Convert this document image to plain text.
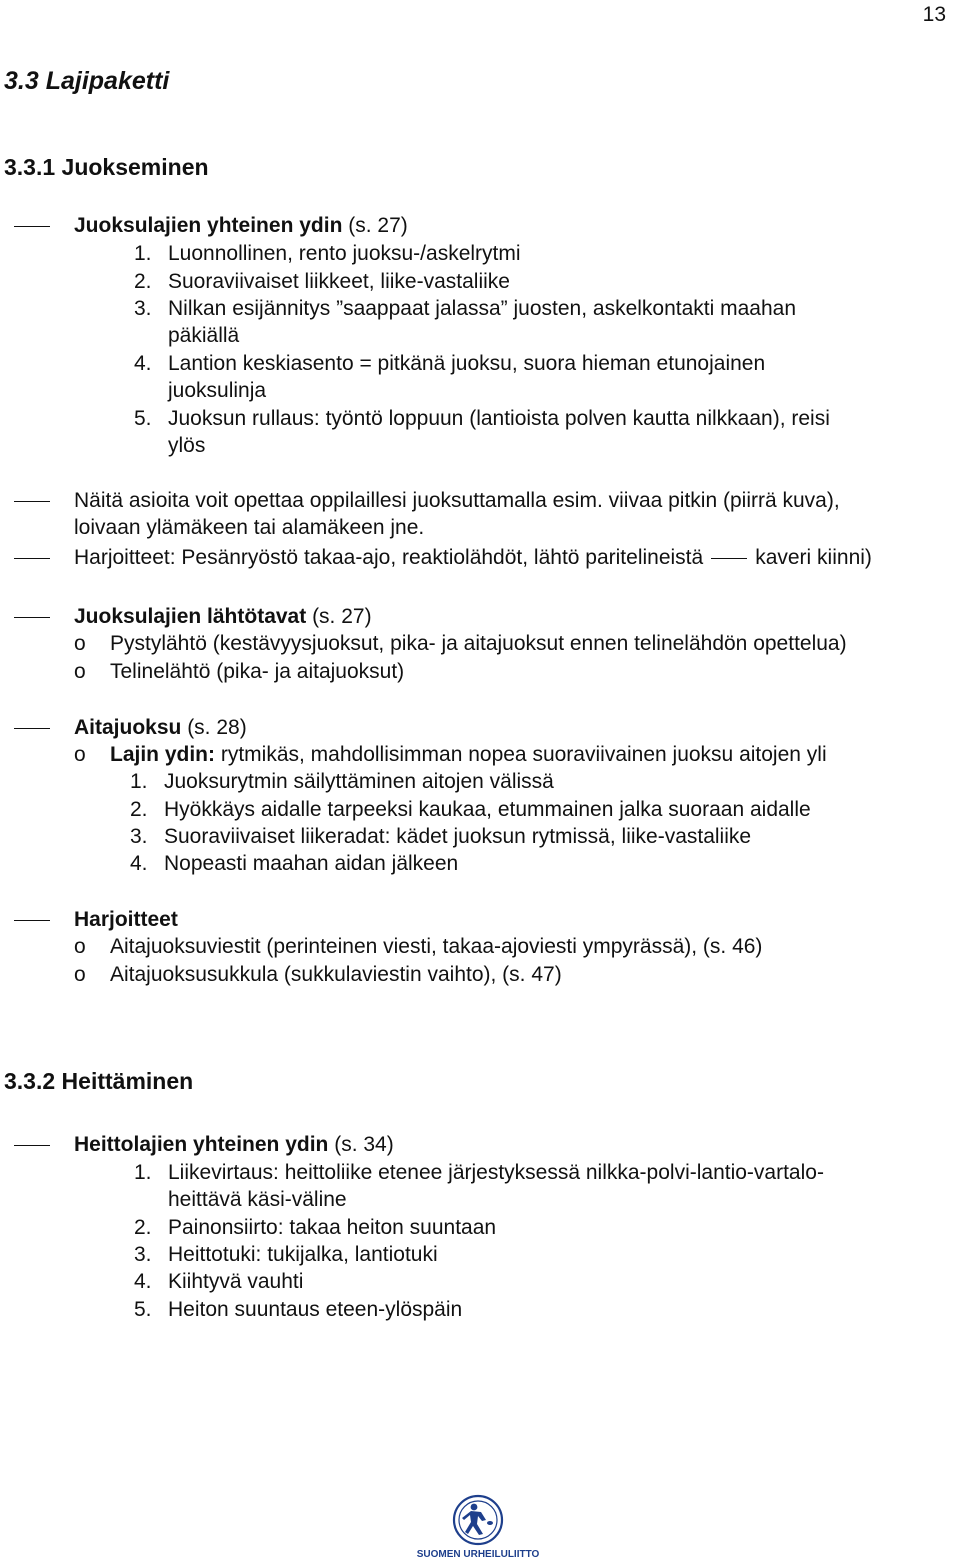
13
3.3 Lajipaketti
3.3.1 Juokseminen
Juoksulajien yhteinen ydin (s. 27)
1. Luonnollinen, rento juoksu-/askelrytmi
2. Suoraviivaiset liikkeet, liike-vastaliike
3. Nilkan esijännitys ”saappaat jalassa” juosten, askelkontakti maahan
päkiällä
4. Lantion keskiasento = pitkänä juoksu, suora hieman etunojainen
juoksulinja
5. Juoksun rullaus: työntö loppuun (lantioista polven kautta nilkkaan), reisi
ylös
Näitä asioita voit opettaa oppilaillesi juoksuttamalla esim. viivaa pitkin (piirrä kuva),
loivaan ylämäkeen tai alamäkeen jne.
Harjoitteet: Pesänryöstö takaa-ajo, reaktiolähdöt, lähtö paritelineistä kaveri kiinni)
Juoksulajien lähtötavat (s. 27)
o Pystylähtö (kestävyysjuoksut, pika- ja aitajuoksut ennen telinelähdön opettelua)
o Telinelähtö (pika- ja aitajuoksut)
Aitajuoksu (s. 28)
o Lajin ydin: rytmikäs, mahdollisimman nopea suoraviivainen juoksu aitojen yli
1. Juoksurytmin säilyttäminen aitojen välissä
2. Hyökkäys aidalle tarpeeksi kaukaa, etummainen jalka suoraan aidalle
3. Suoraviivaiset liikeradat: kädet juoksun rytmissä, liike-vastaliike
4. Nopeasti maahan aidan jälkeen
Harjoitteet
o Aitajuoksuviestit (perinteinen viesti, takaa-ajoviesti ympyrässä), (s. 46)
o Aitajuoksusukkula (sukkulaviestin vaihto), (s. 47)
3.3.2 Heittäminen
Heittolajien yhteinen ydin (s. 34)
1. Liikevirtaus: heittoliike etenee järjestyksessä nilkka-polvi-lantio-vartalo-
heittävä käsi-väline
2. Painonsiirto: takaa heiton suuntaan
3. Heittotuki: tukijalka, lantiotuki
4. Kiihtyvä vauhti
5. Heiton suuntaus eteen-ylöspäin
SUOMEN URHEILULIITTO
